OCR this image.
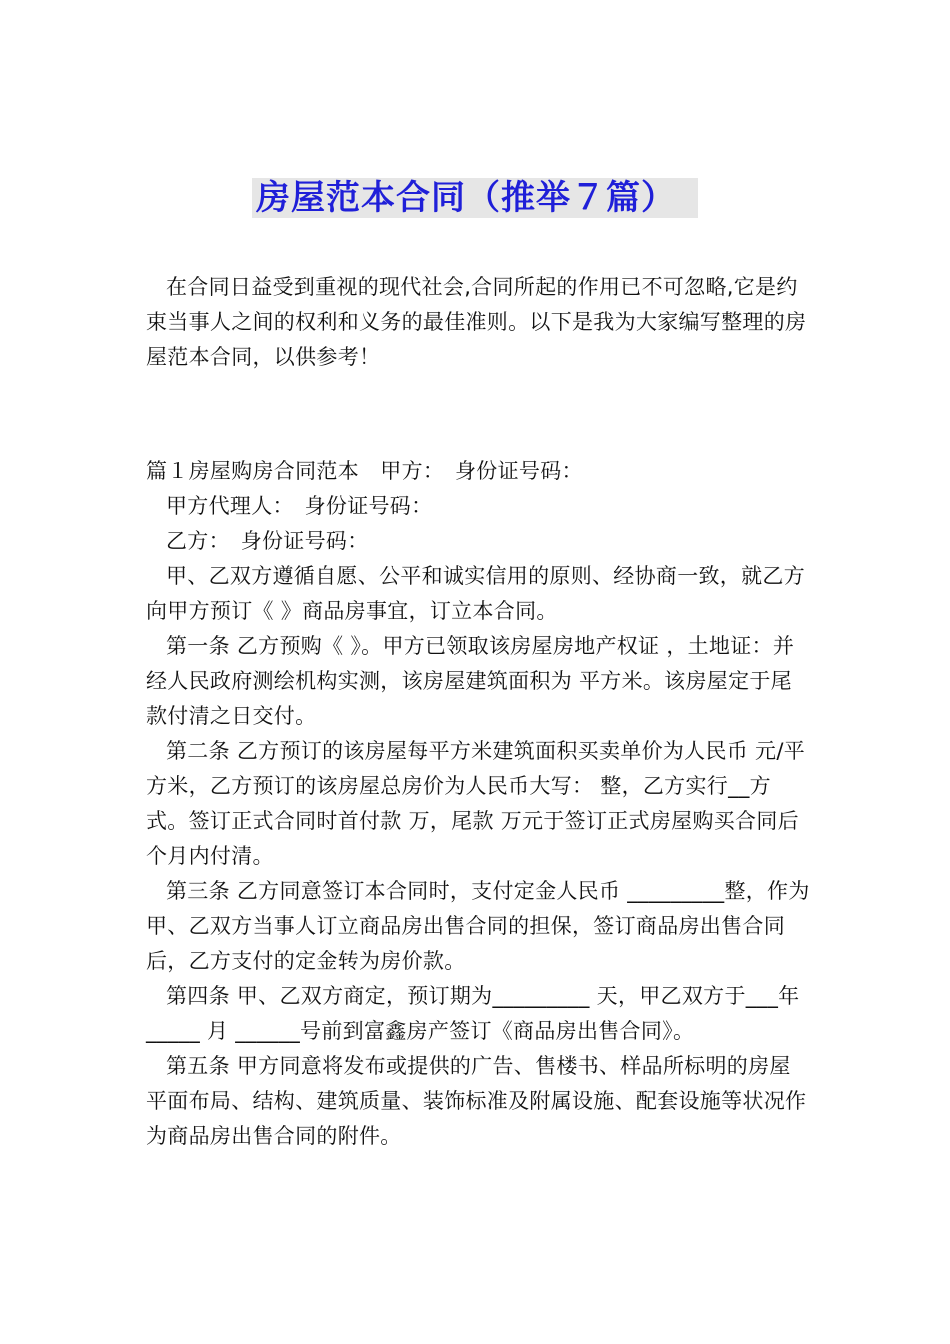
房屋范本合同（推举７篇）

在合同日益受到重视的现代社会,合同所起的作用已不可忽略,它是约束当事人之间的权利和义务的最佳准则。以下是我为大家编写整理的房屋范本合同，以供参考！

篇１房屋购房合同范本　甲方：　身份证号码：

甲方代理人：　身份证号码：

乙方：　身份证号码：

甲、乙双方遵循自愿、公平和诚实信用的原则、经协商一致，就乙方向甲方预订《 》商品房事宜，订立本合同。

第一条 乙方预购《 》。甲方已领取该房屋房地产权证 ，土地证：并经人民政府测绘机构实测，该房屋建筑面积为 平方米。该房屋定于尾款付清之日交付。

第二条 乙方预订的该房屋每平方米建筑面积买卖单价为人民币 元/平方米，乙方预订的该房屋总房价为人民币大写： 整，乙方实行__方式。签订正式合同时首付款 万，尾款 万元于签订正式房屋购买合同后 个月内付清。

第三条 乙方同意签订本合同时，支付定金人民币 _________整，作为甲、乙双方当事人订立商品房出售合同的担保，签订商品房出售合同后，乙方支付的定金转为房价款。

第四条 甲、乙双方商定，预订期为_________ 天，甲乙双方于___年_____ 月 ______号前到富鑫房产签订《商品房出售合同》。

第五条 甲方同意将发布或提供的广告、售楼书、样品所标明的房屋平面布局、结构、建筑质量、装饰标准及附属设施、配套设施等状况作为商品房出售合同的附件。
